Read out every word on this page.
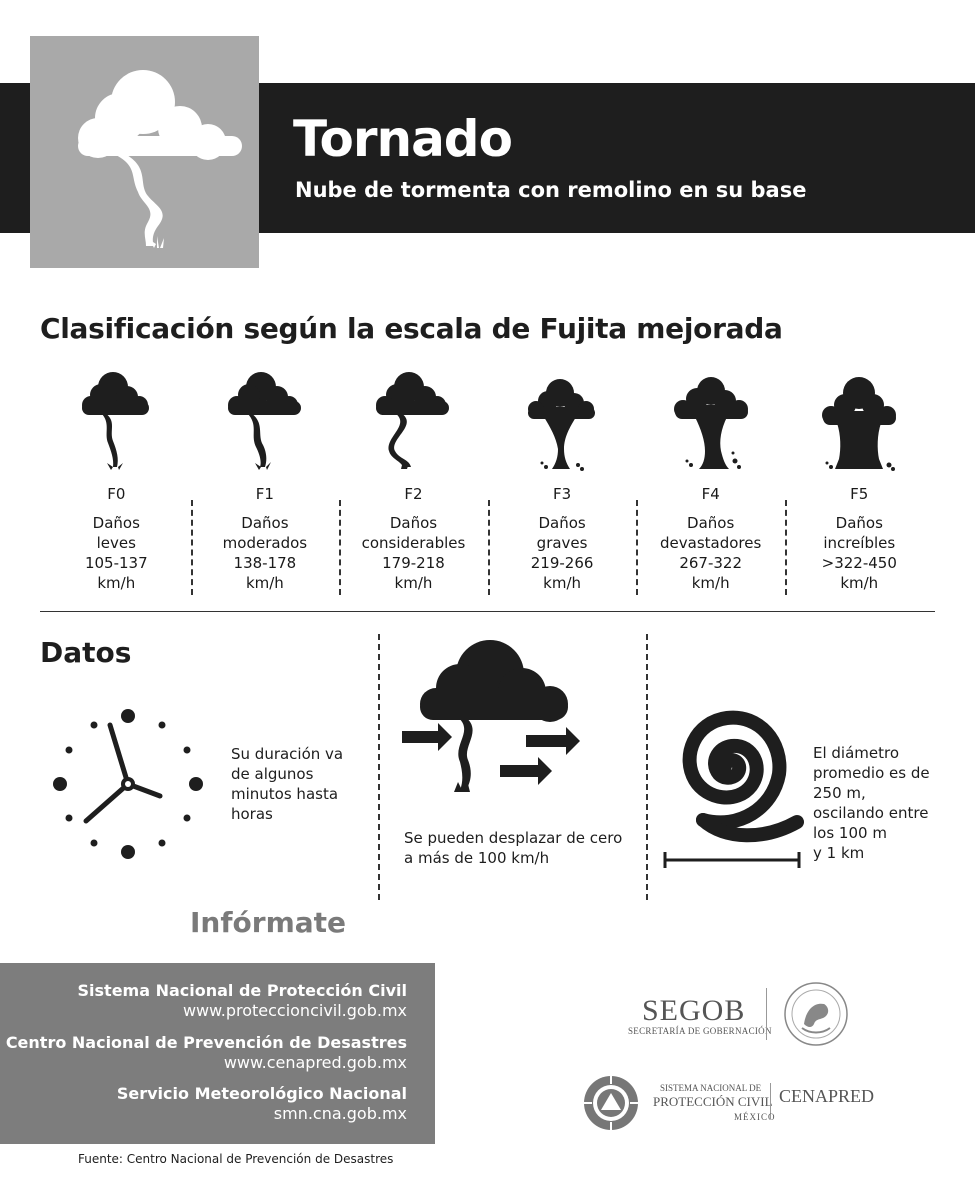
Tornado
Nube de tormenta con remolino en su base
Clasificación según la escala de Fujita mejorada
F0
Daños
leves
105-137
km/h
F1
Daños
moderados
138-178
km/h
F2
Daños
considerables
179-218
km/h
F3
Daños
graves
219-266
km/h
F4
Daños
devastadores
267-322
km/h
F5
Daños
increíbles
>322-450
km/h
Datos
Su duración va
de algunos
minutos hasta
horas
Se pueden desplazar de cero
a más de 100 km/h
El diámetro
promedio es de
250 m,
oscilando entre
los 100 m
y 1 km
Infórmate
Sistema Nacional de Protección Civil
www.proteccioncivil.gob.mx
Centro Nacional de Prevención de Desastres
www.cenapred.gob.mx
Servicio Meteorológico Nacional
smn.cna.gob.mx
Fuente: Centro Nacional de Prevención de Desastres
SEGOB
SECRETARÍA DE GOBERNACIÓN
SISTEMA NACIONAL DE
PROTECCIÓN CIVIL CENAPRED
MÉXICO
